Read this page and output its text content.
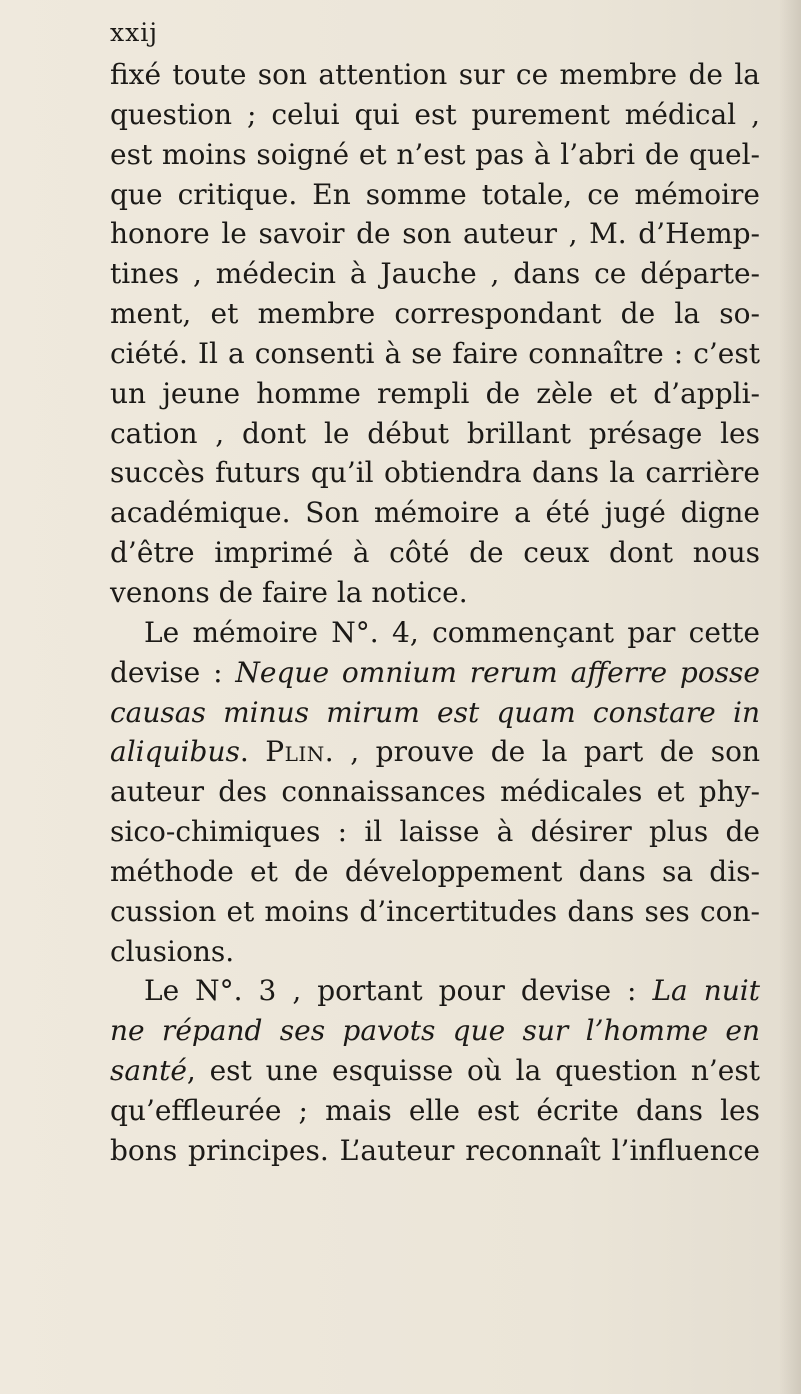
xxij
fixé toute son attention sur ce membre de la
question ; celui qui est purement médical ,
est moins soigné et n’est pas à l’abri de quel-
que critique. En somme totale, ce mémoire
honore le savoir de son auteur , M. d’Hemp-
tines , médecin à Jauche , dans ce départe-
ment, et membre correspondant de la so-
ciété. Il a consenti à se faire connaître : c’est
un jeune homme rempli de zèle et d’appli-
cation , dont le début brillant présage les
succès futurs qu’il obtiendra dans la carrière
académique. Son mémoire a été jugé digne
d’être imprimé à côté de ceux dont nous
venons de faire la notice.
Le mémoire N°. 4, commençant par cette
devise : Neque omnium rerum afferre posse
causas minus mirum est quam constare in
aliquibus. Plin. , prouve de la part de son
auteur des connaissances médicales et phy-
sico-chimiques : il laisse à désirer plus de
méthode et de développement dans sa dis-
cussion et moins d’incertitudes dans ses con-
clusions.
Le N°. 3 , portant pour devise : La nuit
ne répand ses pavots que sur l’homme en
santé, est une esquisse où la question n’est
qu’effleurée ; mais elle est écrite dans les
bons principes. L’auteur reconnaît l’influence
